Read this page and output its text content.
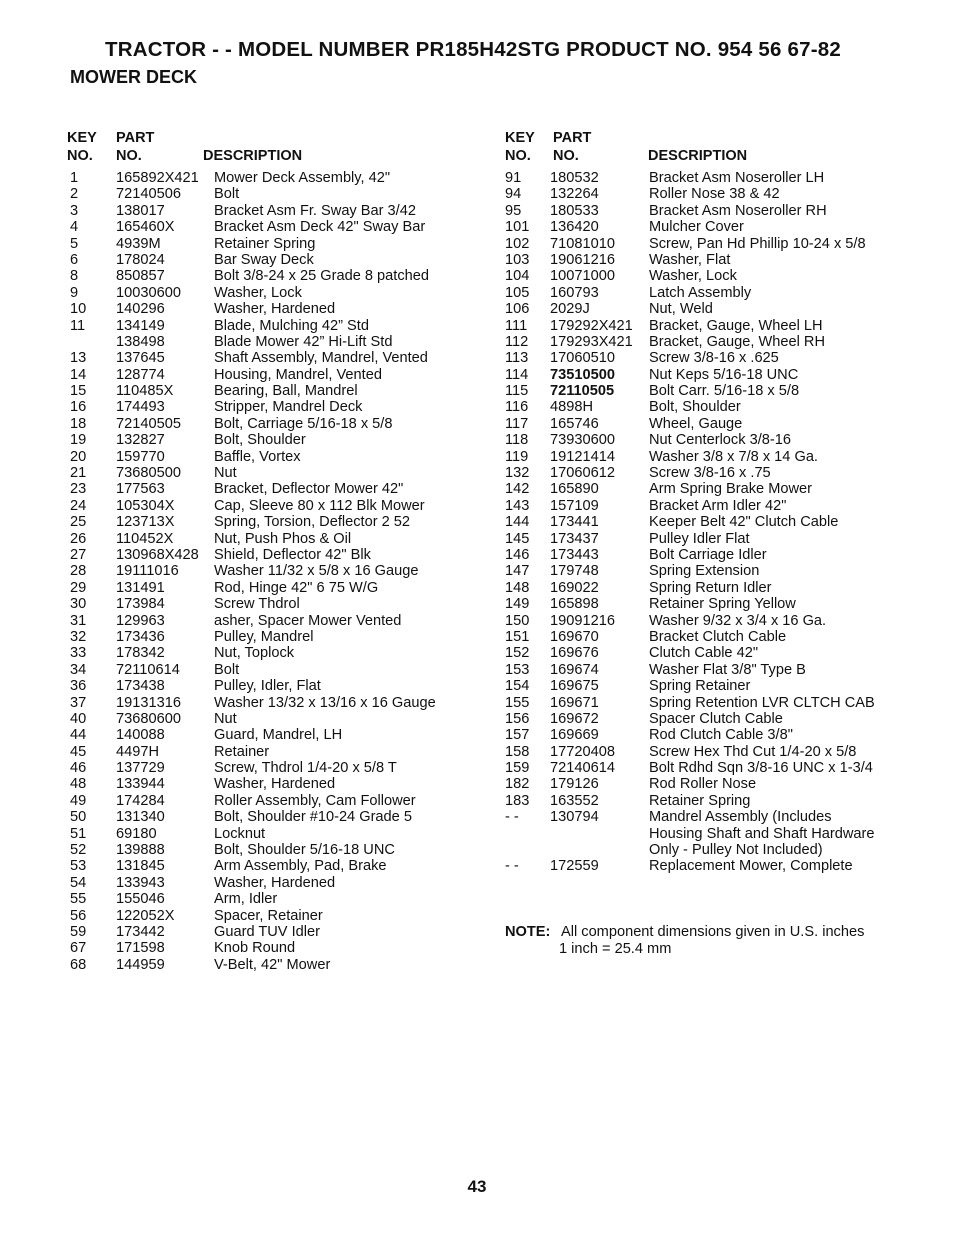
TRACTOR - - MODEL NUMBER PR185H42STG PRODUCT NO. 954 56 67-82
MOWER DECK
KEY
NO.
PART
NO.	DESCRIPTION
1	165892X421 Mower Deck Assembly, 42"
2	72140506 Bolt
3	138017	Bracket Asm Fr. Sway Bar 3/42
4	165460X	Bracket Asm Deck 42" Sway Bar
5	4939M	Retainer Spring
6	178024	Bar Sway Deck
8	850857	Bolt 3/8-24 x 25 Grade 8 patched
9	10030600 Washer, Lock
10 140296	Washer, Hardened
11 134149	Blade, Mulching 42” Std
138498	Blade Mower 42” Hi-Lift Std
13 137645	Shaft Assembly, Mandrel, Vented
14 128774	Housing, Mandrel, Vented
15 110485X	Bearing, Ball, Mandrel
16 174493	Stripper, Mandrel Deck
18 72140505 Bolt, Carriage 5/16-18 x 5/8
19 132827	Bolt, Shoulder
20 159770	Baffle, Vortex
21 73680500 Nut
23 177563	Bracket, Deflector Mower 42"
24 105304X	Cap, Sleeve 80 x 112 Blk Mower
25 123713X	Spring, Torsion, Deflector 2 52
26 110452X	Nut, Push Phos & Oil
27 130968X428 Shield, Deflector 42" Blk
28 19111016 Washer 11/32 x 5/8 x 16 Gauge
29 131491	Rod, Hinge 42" 6 75 W/G
30 173984	Screw Thdrol
31 129963	asher, Spacer Mower Vented
32 173436	Pulley, Mandrel
33 178342	Nut, Toplock
34 72110614 Bolt
36 173438	Pulley, Idler, Flat
37 19131316 Washer 13/32 x 13/16 x 16 Gauge
40 73680600 Nut
44 140088	Guard, Mandrel, LH
45 4497H	Retainer
46 137729	Screw, Thdrol 1/4-20 x 5/8 T
48 133944	Washer, Hardened
49 174284	Roller Assembly, Cam Follower
50 131340	Bolt, Shoulder #10-24 Grade 5
51 69180	Locknut
52 139888	Bolt, Shoulder 5/16-18 UNC
53 131845	Arm Assembly, Pad, Brake
54 133943	Washer, Hardened
55 155046	Arm, Idler
56 122052X	Spacer, Retainer
59 173442	Guard TUV Idler
67 171598	Knob Round
68 144959	V-Belt, 42" Mower
KEY
NO.
PART
NO.	DESCRIPTION
91 180532	Bracket Asm Noseroller LH
94 132264	Roller Nose 38 & 42
95 180533	Bracket Asm Noseroller RH
101 136420	Mulcher Cover
102 71081010 Screw, Pan Hd Phillip 10-24 x 5/8
103 19061216 Washer, Flat
104 10071000 Washer, Lock
105 160793	Latch Assembly
106 2029J	Nut, Weld
111 179292X421 Bracket, Gauge, Wheel LH
112 179293X421 Bracket, Gauge, Wheel RH
113 17060510 Screw 3/8-16 x .625
114 73510500 Nut Keps 5/16-18 UNC
115 72110505 Bolt Carr. 5/16-18 x 5/8
116 4898H	Bolt, Shoulder
117 165746	Wheel, Gauge
118 73930600 Nut Centerlock 3/8-16
119 19121414 Washer 3/8 x 7/8 x 14 Ga.
132 17060612 Screw 3/8-16 x .75
142 165890	Arm Spring Brake Mower
143 157109	Bracket Arm Idler 42"
144 173441	Keeper Belt 42" Clutch Cable
145 173437	Pulley Idler Flat
146 173443	Bolt Carriage Idler
147 179748	Spring Extension
148 169022	Spring Return Idler
149 165898	Retainer Spring Yellow
150 19091216 Washer 9/32 x 3/4 x 16 Ga.
151 169670	Bracket Clutch Cable
152 169676	Clutch Cable 42"
153 169674	Washer Flat 3/8" Type B
154 169675	Spring Retainer
155 169671	Spring Retention LVR CLTCH CAB
156 169672	Spacer Clutch Cable
157 169669	Rod Clutch Cable 3/8"
158 17720408 Screw Hex Thd Cut 1/4-20 x 5/8
159 72140614 Bolt Rdhd Sqn 3/8-16 UNC x 1-3/4
182 179126	Rod Roller Nose
183 163552	Retainer Spring
- - 130794	Mandrel Assembly (Includes
Housing Shaft and Shaft Hardware
Only - Pulley Not Included)
- - 172559	Replacement Mower, Complete
NOTE: All component dimensions given in U.S. inches
1 inch = 25.4 mm
43
